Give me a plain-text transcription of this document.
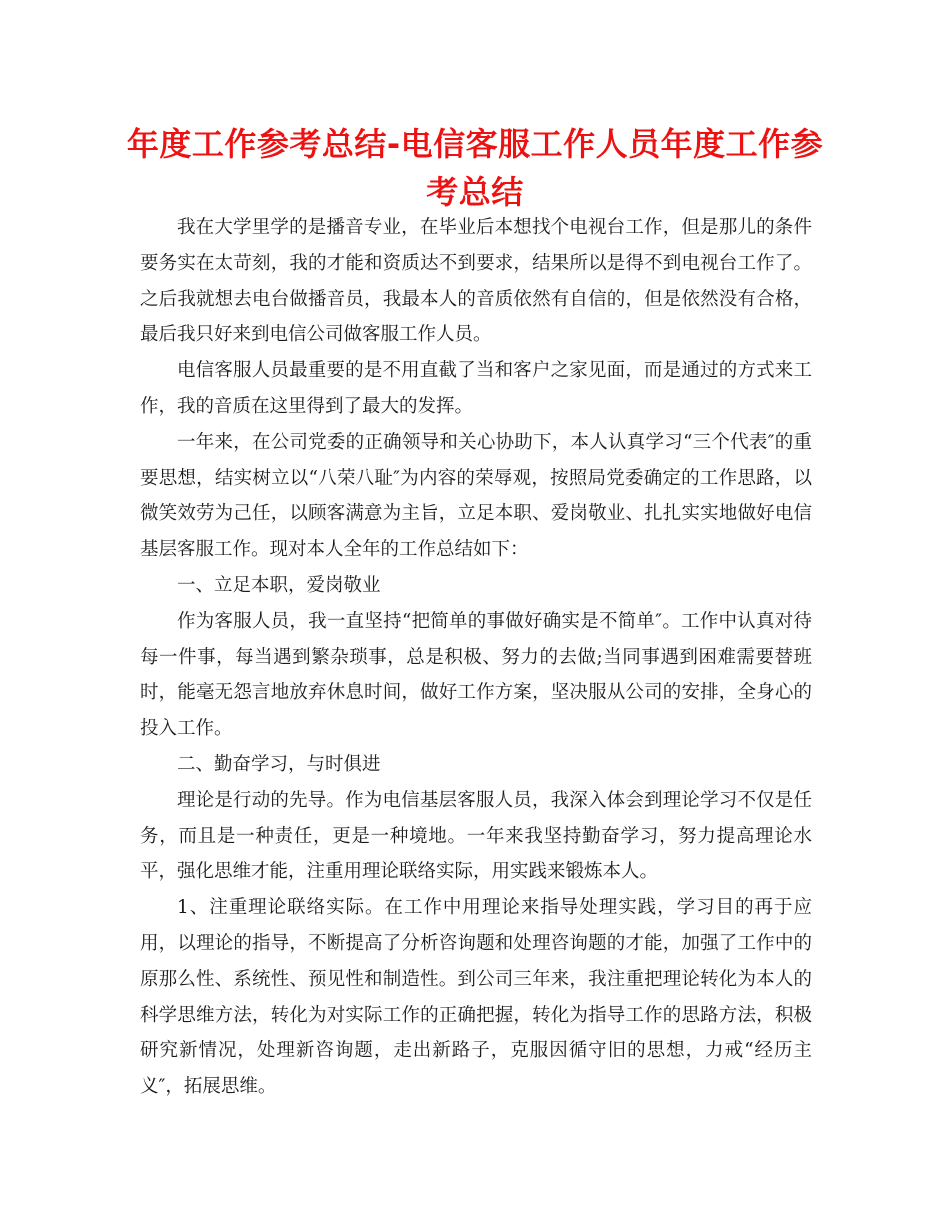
年度工作参考总结-电信客服工作人员年度工作参考总结

我在大学里学的是播音专业，在毕业后本想找个电视台工作，但是那儿的条件要务实在太苛刻，我的才能和资质达不到要求，结果所以是得不到电视台工作了。之后我就想去电台做播音员，我最本人的音质依然有自信的，但是依然没有合格，最后我只好来到电信公司做客服工作人员。

电信客服人员最重要的是不用直截了当和客户之家见面，而是通过的方式来工作，我的音质在这里得到了最大的发挥。

一年来，在公司党委的正确领导和关心协助下，本人认真学习“三个代表″的重要思想，结实树立以“八荣八耻″为内容的荣辱观，按照局党委确定的工作思路，以微笑效劳为己任，以顾客满意为主旨，立足本职、爱岗敬业、扎扎实实地做好电信基层客服工作。现对本人全年的工作总结如下：

一、立足本职，爱岗敬业

作为客服人员，我一直坚持“把简单的事做好确实是不简单″。工作中认真对待每一件事，每当遇到繁杂琐事，总是积极、努力的去做;当同事遇到困难需要替班时，能毫无怨言地放弃休息时间，做好工作方案，坚决服从公司的安排，全身心的投入工作。

二、勤奋学习，与时俱进

理论是行动的先导。作为电信基层客服人员，我深入体会到理论学习不仅是任务，而且是一种责任，更是一种境地。一年来我坚持勤奋学习，努力提高理论水平，强化思维才能，注重用理论联络实际，用实践来锻炼本人。

1、注重理论联络实际。在工作中用理论来指导处理实践，学习目的再于应用，以理论的指导，不断提高了分析咨询题和处理咨询题的才能，加强了工作中的原那么性、系统性、预见性和制造性。到公司三年来，我注重把理论转化为本人的科学思维方法，转化为对实际工作的正确把握，转化为指导工作的思路方法，积极研究新情况，处理新咨询题，走出新路子，克服因循守旧的思想，力戒“经历主义″，拓展思维。
